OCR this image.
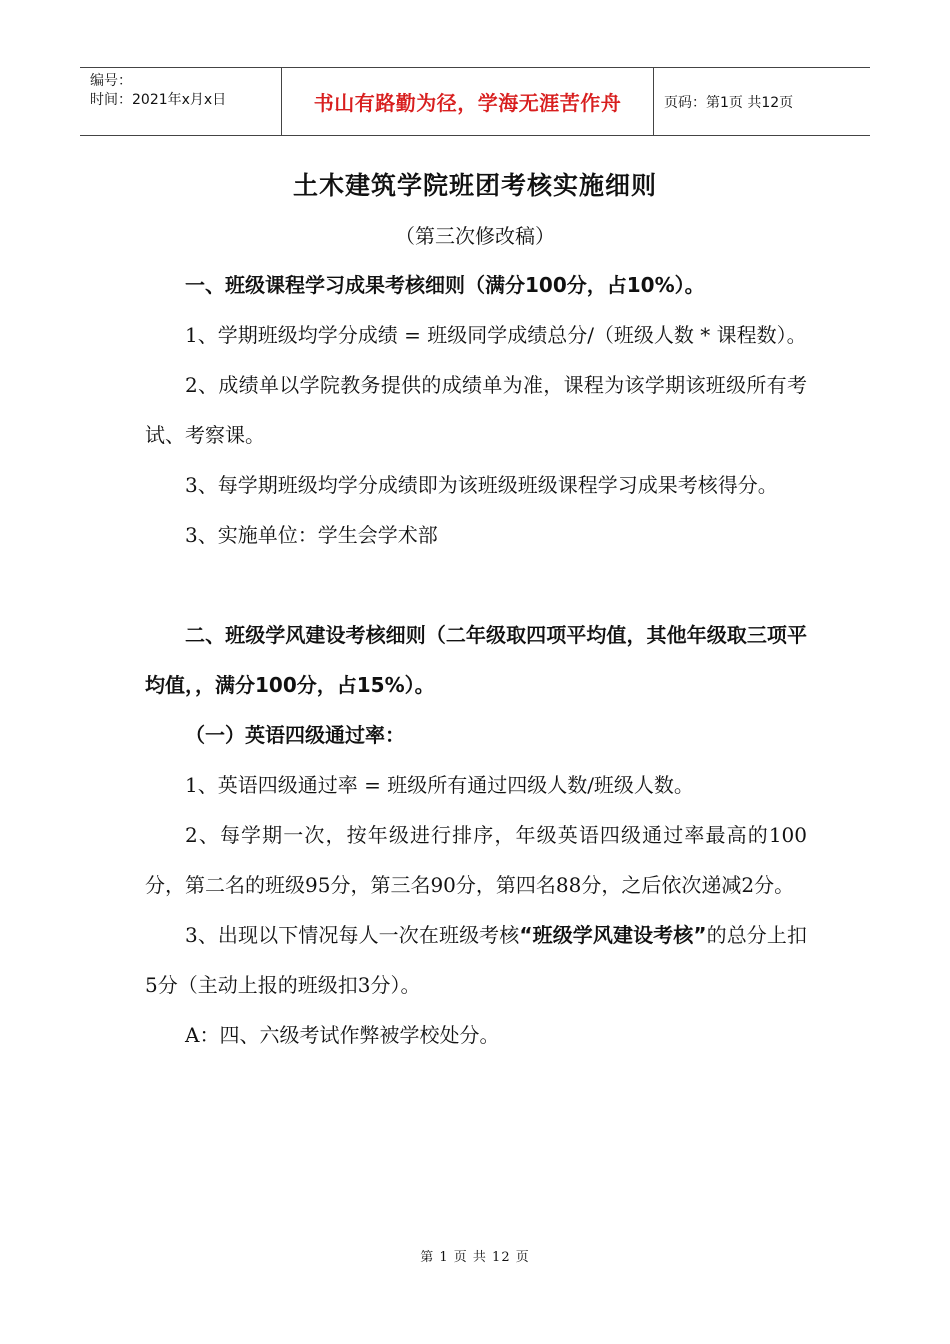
编号：
时间：2021年x月x日	书山有路勤为径，学海无涯苦作舟	页码：第1页 共12页
土木建筑学院班团考核实施细则
（第三次修改稿）

一、班级课程学习成果考核细则（满分100分，占10%）。

1、学期班级均学分成绩 = 班级同学成绩总分/（班级人数 * 课程数）。

2、成绩单以学院教务提供的成绩单为准，课程为该学期该班级所有考试、考察课。

3、每学期班级均学分成绩即为该班级班级课程学习成果考核得分。

3、实施单位：学生会学术部

二、班级学风建设考核细则（二年级取四项平均值，其他年级取三项平均值，，满分100分，占15%）。

（一）英语四级通过率：

1、英语四级通过率 = 班级所有通过四级人数/班级人数。

2、每学期一次，按年级进行排序，年级英语四级通过率最高的100分，第二名的班级95分，第三名90分，第四名88分，之后依次递减2分。

3、出现以下情况每人一次在班级考核“班级学风建设考核”的总分上扣5分（主动上报的班级扣3分）。

A：四、六级考试作弊被学校处分。

第 1 页 共 12 页
